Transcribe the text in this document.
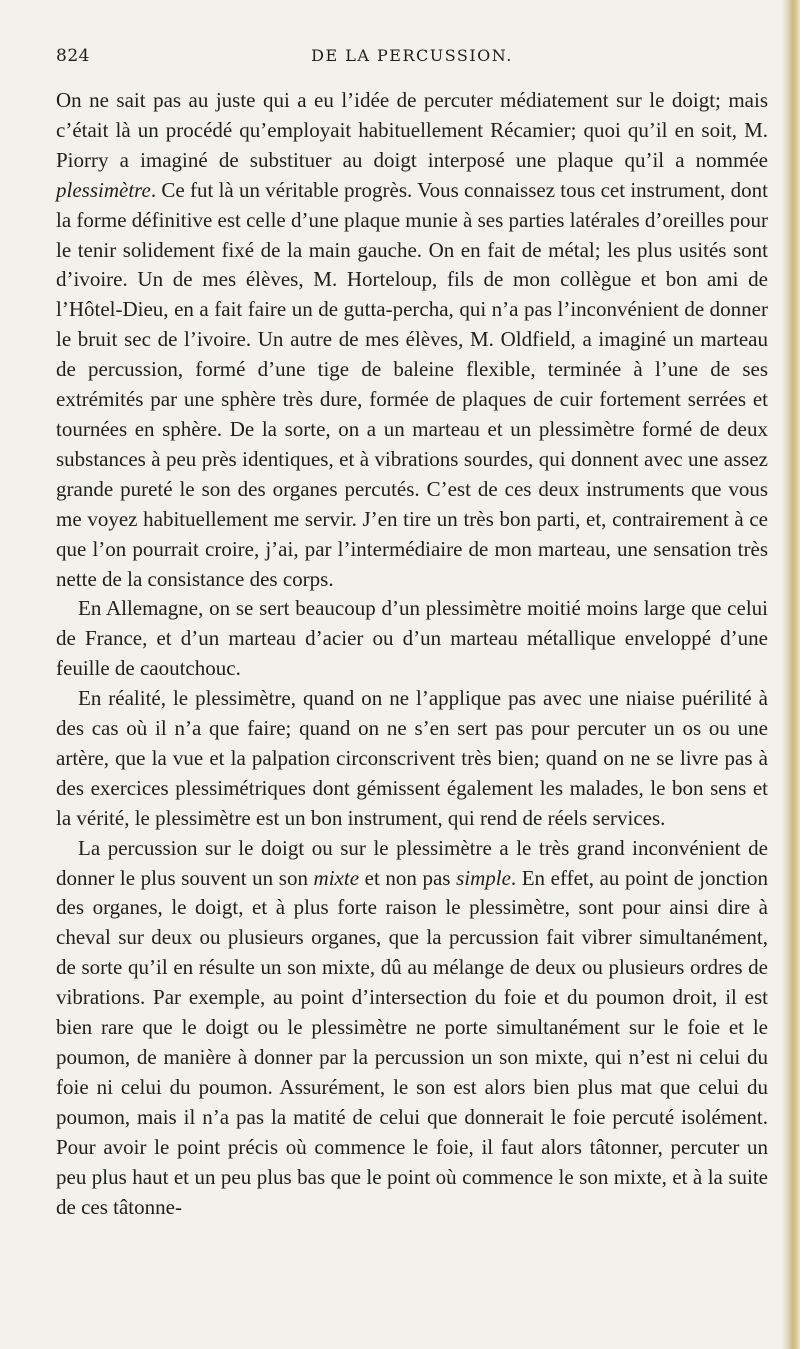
824	DE LA PERCUSSION.

On ne sait pas au juste qui a eu l’idée de percuter médiatement sur le doigt; mais c’était là un procédé qu’employait habituellement Récamier; quoi qu’il en soit, M. Piorry a imaginé de substituer au doigt interposé une plaque qu’il a nommée plessimètre. Ce fut là un véritable progrès. Vous connaissez tous cet instrument, dont la forme définitive est celle d’une plaque munie à ses parties latérales d’oreilles pour le tenir solidement fixé de la main gauche. On en fait de métal; les plus usités sont d’ivoire. Un de mes élèves, M. Horteloup, fils de mon collègue et bon ami de l’Hôtel-Dieu, en a fait faire un de gutta-percha, qui n’a pas l’inconvénient de donner le bruit sec de l’ivoire. Un autre de mes élèves, M. Oldfield, a imaginé un marteau de percussion, formé d’une tige de baleine flexible, terminée à l’une de ses extrémités par une sphère très dure, formée de plaques de cuir fortement serrées et tournées en sphère. De la sorte, on a un marteau et un plessimètre formé de deux substances à peu près identiques, et à vibrations sourdes, qui donnent avec une assez grande pureté le son des organes percutés. C’est de ces deux instruments que vous me voyez habituellement me servir. J’en tire un très bon parti, et, contrairement à ce que l’on pourrait croire, j’ai, par l’intermédiaire de mon marteau, une sensation très nette de la consistance des corps.

En Allemagne, on se sert beaucoup d’un plessimètre moitié moins large que celui de France, et d’un marteau d’acier ou d’un marteau métallique enveloppé d’une feuille de caoutchouc.

En réalité, le plessimètre, quand on ne l’applique pas avec une niaise puérilité à des cas où il n’a que faire; quand on ne s’en sert pas pour percuter un os ou une artère, que la vue et la palpation circonscrivent très bien; quand on ne se livre pas à des exercices plessimétriques dont gémissent également les malades, le bon sens et la vérité, le plessimètre est un bon instrument, qui rend de réels services.

La percussion sur le doigt ou sur le plessimètre a le très grand inconvénient de donner le plus souvent un son mixte et non pas simple. En effet, au point de jonction des organes, le doigt, et à plus forte raison le plessimètre, sont pour ainsi dire à cheval sur deux ou plusieurs organes, que la percussion fait vibrer simultanément, de sorte qu’il en résulte un son mixte, dû au mélange de deux ou plusieurs ordres de vibrations. Par exemple, au point d’intersection du foie et du poumon droit, il est bien rare que le doigt ou le plessimètre ne porte simultanément sur le foie et le poumon, de manière à donner par la percussion un son mixte, qui n’est ni celui du foie ni celui du poumon. Assurément, le son est alors bien plus mat que celui du poumon, mais il n’a pas la matité de celui que donnerait le foie percuté isolément. Pour avoir le point précis où commence le foie, il faut alors tâtonner, percuter un peu plus haut et un peu plus bas que le point où commence le son mixte, et à la suite de ces tâtonne-
